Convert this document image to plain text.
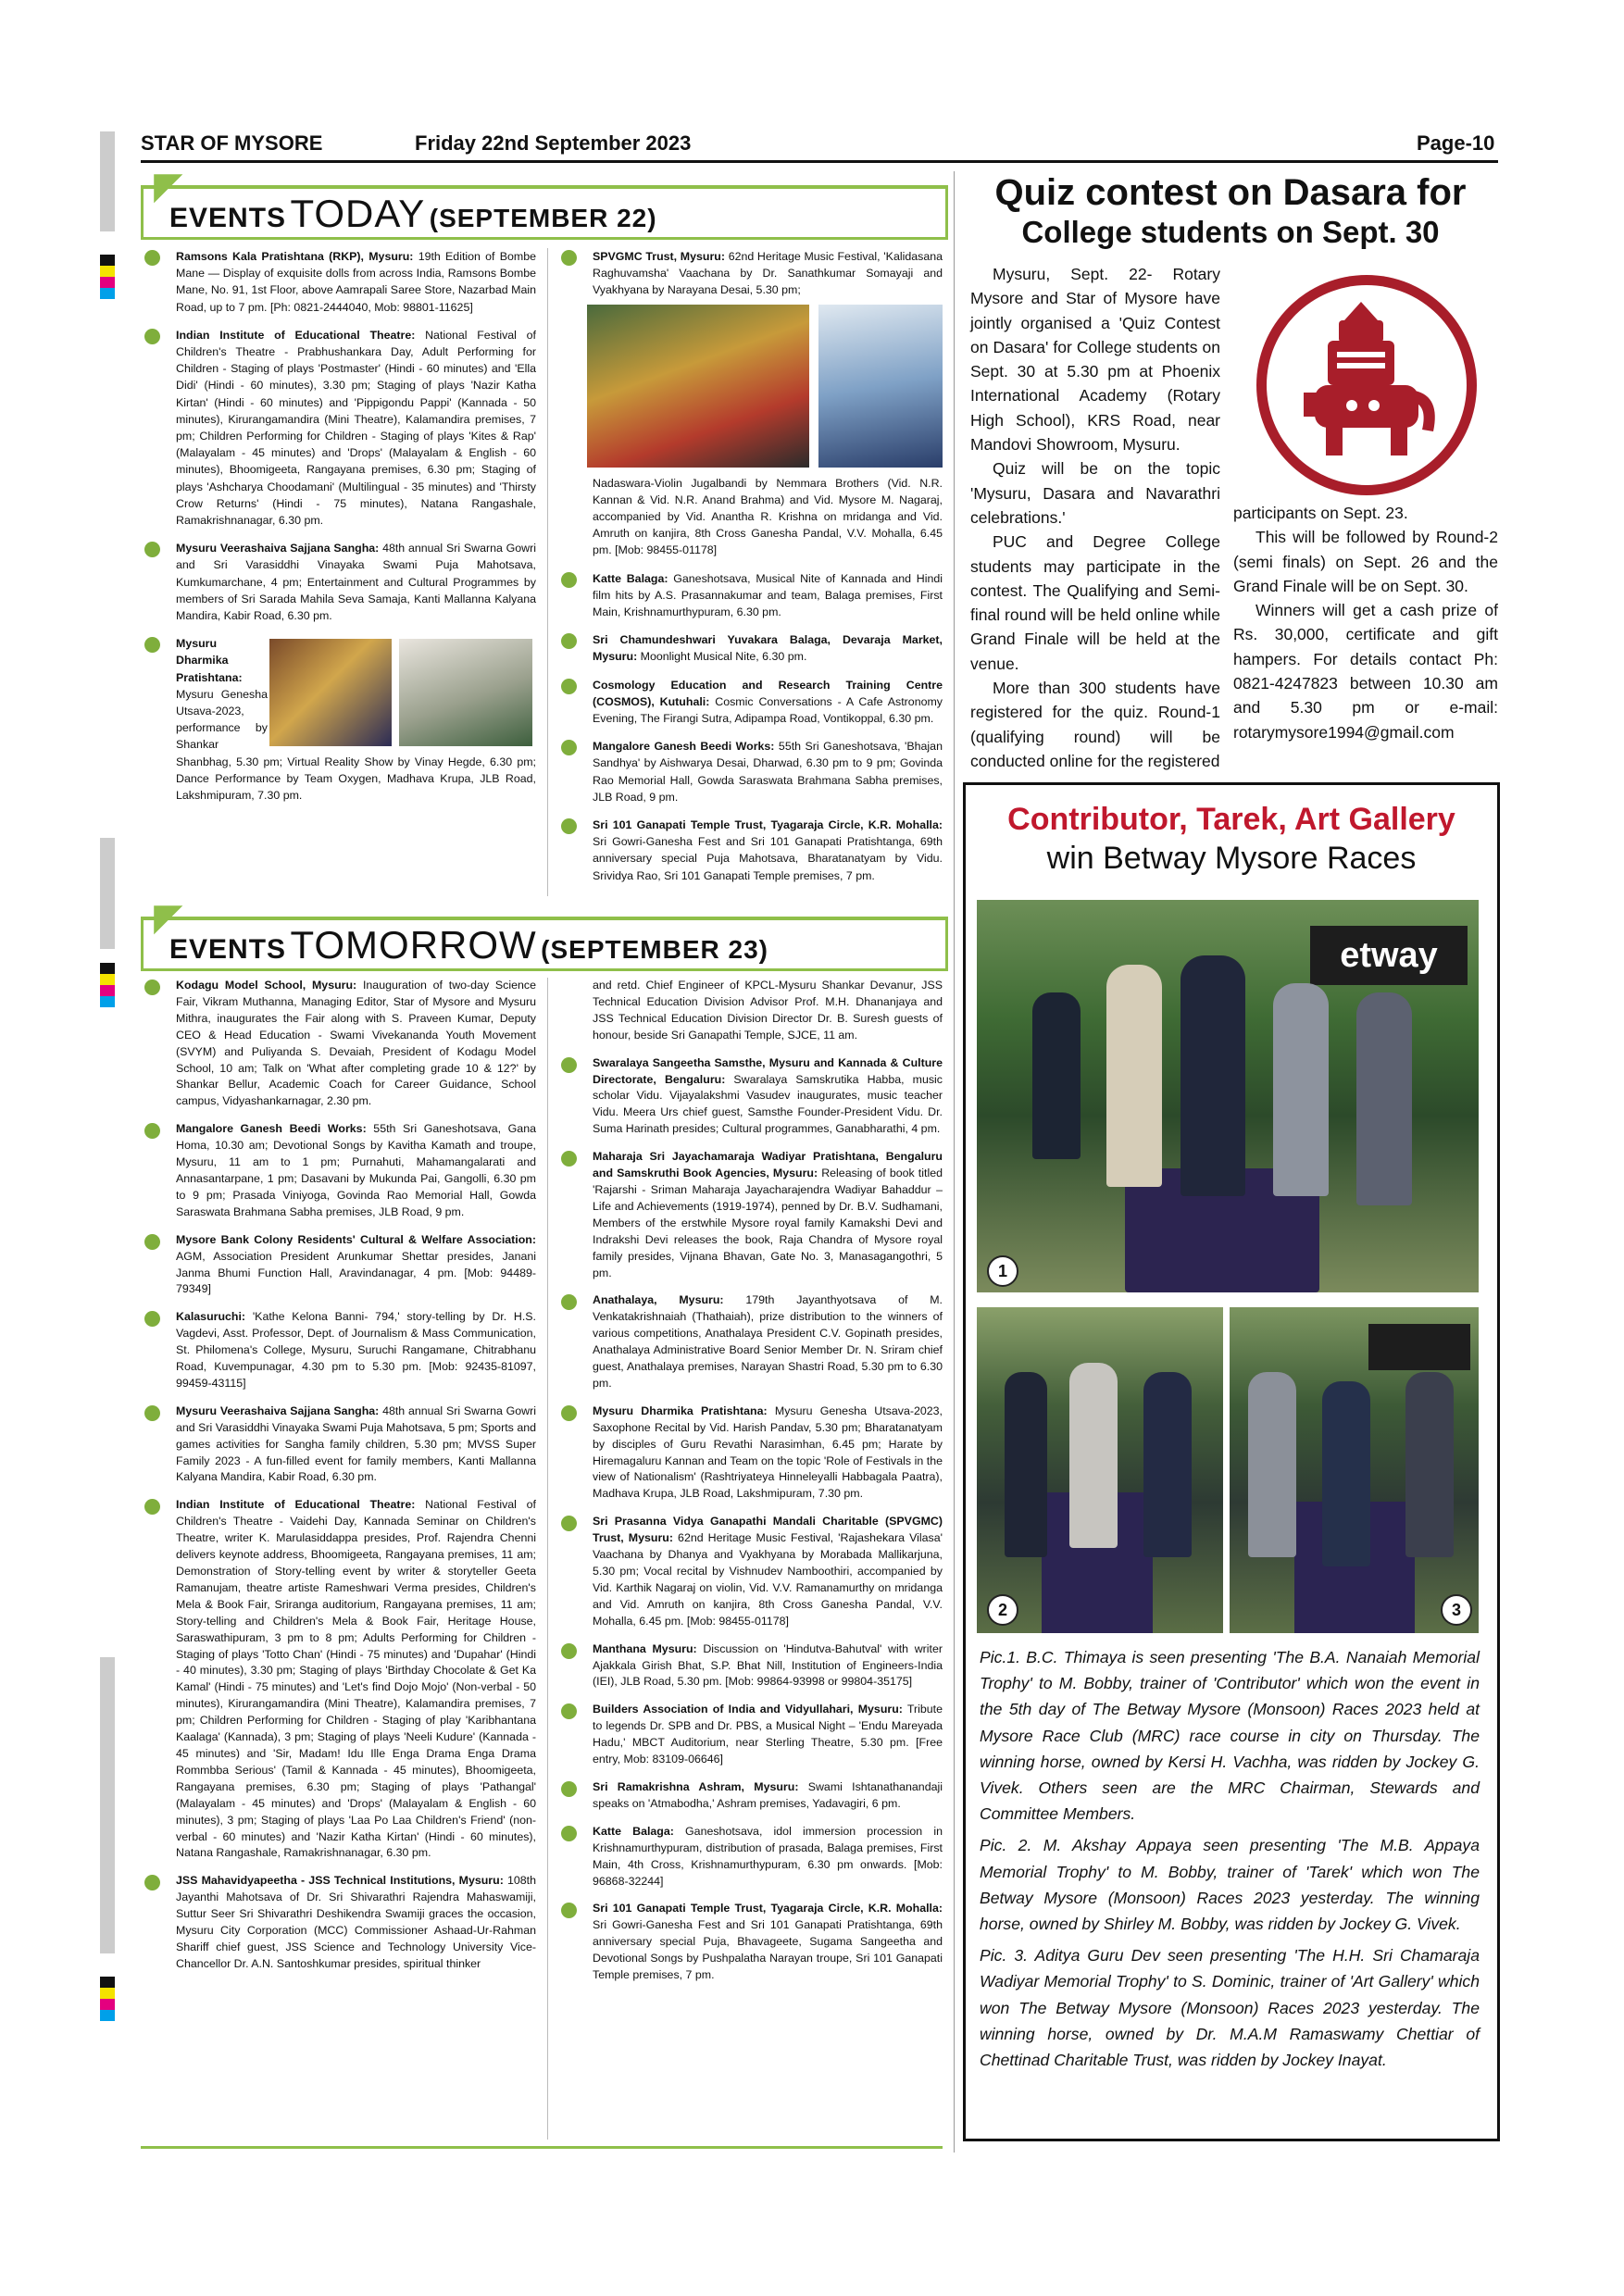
STAR OF MYSORE	Friday 22nd September 2023	Page-10
EVENTS TODAY (SEPTEMBER 22)
Ramsons Kala Pratishtana (RKP), Mysuru: 19th Edition of Bombe Mane — Display of exquisite dolls from across India, Ramsons Bombe Mane, No. 91, 1st Floor, above Aamrapali Saree Store, Nazarbad Main Road, up to 7 pm. [Ph: 0821-2444040, Mob: 98801-11625]
Indian Institute of Educational Theatre: National Festival of Children's Theatre - Prabhushankara Day, Adult Performing for Children - Staging of plays 'Postmaster' (Hindi - 60 minutes) and 'Ella Didi' (Hindi - 60 minutes), 3.30 pm; Staging of plays 'Nazir Katha Kirtan' (Hindi - 60 minutes) and 'Pippigondu Pappi' (Kannada - 50 minutes), Kirurangamandira (Mini Theatre), Kalamandira premises, 7 pm; Children Performing for Children - Staging of plays 'Kites & Rap' (Malayalam - 45 minutes) and 'Drops' (Malayalam & English - 60 minutes), Bhoomigeeta, Rangayana premises, 6.30 pm; Staging of plays 'Ashcharya Choodamani' (Multilingual - 35 minutes) and 'Thirsty Crow Returns' (Hindi - 75 minutes), Natana Rangashale, Ramakrishnanagar, 6.30 pm.
Mysuru Veerashaiva Sajjana Sangha: 48th annual Sri Swarna Gowri and Sri Varasiddhi Vinayaka Swami Puja Mahotsava, Kumkumarchane, 4 pm; Entertainment and Cultural Programmes by members of Sri Sarada Mahila Seva Samaja, Kanti Mallanna Kalyana Mandira, Kabir Road, 6.30 pm.
Mysuru Dharmika Pratishtana: Mysuru Genesha Utsava-2023, performance by Shankar Shanbhag, 5.30 pm; Virtual Reality Show by Vinay Hegde, 6.30 pm; Dance Performance by Team Oxygen, Madhava Krupa, JLB Road, Lakshmipuram, 7.30 pm.
SPVGMC Trust, Mysuru: 62nd Heritage Music Festival, 'Kalidasana Raghuvamsha' Vaachana by Dr. Sanathkumar Somayaji and Vyakhyana by Narayana Desai, 5.30 pm;
Nadaswara-Violin Jugalbandi by Nemmara Brothers (Vid. N.R. Kannan & Vid. N.R. Anand Brahma) and Vid. Mysore M. Nagaraj, accompanied by Vid. Anantha R. Krishna on mridanga and Vid. Amruth on kanjira, 8th Cross Ganesha Pandal, V.V. Mohalla, 6.45 pm. [Mob: 98455-01178]
Katte Balaga: Ganeshotsava, Musical Nite of Kannada and Hindi film hits by A.S. Prasannakumar and team, Balaga premises, First Main, Krishnamurthypuram, 6.30 pm.
Sri Chamundeshwari Yuvakara Balaga, Devaraja Market, Mysuru: Moonlight Musical Nite, 6.30 pm.
Cosmology Education and Research Training Centre (COSMOS), Kutuhali: Cosmic Conversations - A Cafe Astronomy Evening, The Firangi Sutra, Adipampa Road, Vontikoppal, 6.30 pm.
Mangalore Ganesh Beedi Works: 55th Sri Ganeshotsava, 'Bhajan Sandhya' by Aishwarya Desai, Dharwad, 6.30 pm to 9 pm; Govinda Rao Memorial Hall, Gowda Saraswata Brahmana Sabha premises, JLB Road, 9 pm.
Sri 101 Ganapati Temple Trust, Tyagaraja Circle, K.R. Mohalla: Sri Gowri-Ganesha Fest and Sri 101 Ganapati Pratishtanga, 69th anniversary special Puja Mahotsava, Bharatanatyam by Vidu. Srividya Rao, Sri 101 Ganapati Temple premises, 7 pm.
EVENTS TOMORROW (SEPTEMBER 23)
Kodagu Model School, Mysuru: Inauguration of two-day Science Fair, Vikram Muthanna, Managing Editor, Star of Mysore and Mysuru Mithra, inaugurates the Fair along with S. Praveen Kumar, Deputy CEO & Head Education - Swami Vivekananda Youth Movement (SVYM) and Puliyanda S. Devaiah, President of Kodagu Model School, 10 am; Talk on 'What after completing grade 10 & 12?' by Shankar Bellur, Academic Coach for Career Guidance, School campus, Vidyashankarnagar, 2.30 pm.
Mangalore Ganesh Beedi Works: 55th Sri Ganeshotsava, Gana Homa, 10.30 am; Devotional Songs by Kavitha Kamath and troupe, Mysuru, 11 am to 1 pm; Purnahuti, Mahamangalarati and Annasantarpane, 1 pm; Dasavani by Mukunda Pai, Gangolli, 6.30 pm to 9 pm; Prasada Viniyoga, Govinda Rao Memorial Hall, Gowda Saraswata Brahmana Sabha premises, JLB Road, 9 pm.
Mysore Bank Colony Residents' Cultural & Welfare Association: AGM, Association President Arunkumar Shettar presides, Janani Janma Bhumi Function Hall, Aravindanagar, 4 pm. [Mob: 94489-79349]
Kalasuruchi: 'Kathe Kelona Banni- 794,' story-telling by Dr. H.S. Vagdevi, Asst. Professor, Dept. of Journalism & Mass Communication, St. Philomena's College, Mysuru, Suruchi Rangamane, Chitrabhanu Road, Kuvempunagar, 4.30 pm to 5.30 pm. [Mob: 92435-81097, 99459-43115]
Mysuru Veerashaiva Sajjana Sangha: 48th annual Sri Swarna Gowri and Sri Varasiddhi Vinayaka Swami Puja Mahotsava, 5 pm; Sports and games activities for Sangha family children, 5.30 pm; MVSS Super Family 2023 - A fun-filled event for family members, Kanti Mallanna Kalyana Mandira, Kabir Road, 6.30 pm.
Indian Institute of Educational Theatre: National Festival of Children's Theatre - Vaidehi Day, Kannada Seminar on Children's Theatre, writer K. Marulasiddappa presides, Prof. Rajendra Chenni delivers keynote address, Bhoomigeeta, Rangayana premises, 11 am; Demonstration of Story-telling event by writer & storyteller Geeta Ramanujam, theatre artiste Rameshwari Verma presides, Children's Mela & Book Fair, Sriranga auditorium, Rangayana premises, 11 am; Story-telling and Children's Mela & Book Fair, Heritage House, Saraswathipuram, 3 pm to 8 pm; Adults Performing for Children - Staging of plays 'Totto Chan' (Hindi - 75 minutes) and 'Dupahar' (Hindi - 40 minutes), 3.30 pm; Staging of plays 'Birthday Chocolate & Get Ka Kamal' (Hindi - 75 minutes) and 'Let's find Dojo Mojo' (Non-verbal - 50 minutes), Kirurangamandira (Mini Theatre), Kalamandira premises, 7 pm; Children Performing for Children - Staging of play 'Karibhantana Kaalaga' (Kannada), 3 pm; Staging of plays 'Neeli Kudure' (Kannada - 45 minutes) and 'Sir, Madam! Idu Ille Enga Drama Enga Drama Rommbba Serious' (Tamil & Kannada - 45 minutes), Bhoomigeeta, Rangayana premises, 6.30 pm; Staging of plays 'Pathangal' (Malayalam - 45 minutes) and 'Drops' (Malayalam & English - 60 minutes), 3 pm; Staging of plays 'Laa Po Laa Children's Friend' (non- verbal - 60 minutes) and 'Nazir Katha Kirtan' (Hindi - 60 minutes), Natana Rangashale, Ramakrishnanagar, 6.30 pm.
JSS Mahavidyapeetha - JSS Technical Institutions, Mysuru: 108th Jayanthi Mahotsava of Dr. Sri Shivarathri Rajendra Mahaswamiji, Suttur Seer Sri Shivarathri Deshikendra Swamiji graces the occasion, Mysuru City Corporation (MCC) Commissioner Ashaad-Ur-Rahman Shariff chief guest, JSS Science and Technology University Vice-Chancellor Dr. A.N. Santoshkumar presides, spiritual thinker
and retd. Chief Engineer of KPCL-Mysuru Shankar Devanur, JSS Technical Education Division Advisor Prof. M.H. Dhananjaya and JSS Technical Education Division Director Dr. B. Suresh guests of honour, beside Sri Ganapathi Temple, SJCE, 11 am.
Swaralaya Sangeetha Samsthe, Mysuru and Kannada & Culture Directorate, Bengaluru: Swaralaya Samskrutika Habba, music scholar Vidu. Vijayalakshmi Vasudev inaugurates, music teacher Vidu. Meera Urs chief guest, Samsthe Founder-President Vidu. Dr. Suma Harinath presides; Cultural programmes, Ganabharathi, 4 pm.
Maharaja Sri Jayachamaraja Wadiyar Pratishtana, Bengaluru and Samskruthi Book Agencies, Mysuru: Releasing of book titled 'Rajarshi - Sriman Maharaja Jayacharajendra Wadiyar Bahaddur – Life and Achievements (1919-1974), penned by Dr. B.V. Sudhamani, Members of the erstwhile Mysore royal family Kamakshi Devi and Indrakshi Devi releases the book, Raja Chandra of Mysore royal family presides, Vijnana Bhavan, Gate No. 3, Manasagangothri, 5 pm.
Anathalaya, Mysuru: 179th Jayanthyotsava of M. Venkatakrishnaiah (Thathaiah), prize distribution to the winners of various competitions, Anathalaya President C.V. Gopinath presides, Anathalaya Administrative Board Senior Member Dr. N. Sriram chief guest, Anathalaya premises, Narayan Shastri Road, 5.30 pm to 6.30 pm.
Mysuru Dharmika Pratishtana: Mysuru Genesha Utsava-2023, Saxophone Recital by Vid. Harish Pandav, 5.30 pm; Bharatanatyam by disciples of Guru Revathi Narasimhan, 6.45 pm; Harate by Hiremagaluru Kannan and Team on the topic 'Role of Festivals in the view of Nationalism' (Rashtriyateya Hinneleyalli Habbagala Paatra), Madhava Krupa, JLB Road, Lakshmipuram, 7.30 pm.
Sri Prasanna Vidya Ganapathi Mandali Charitable (SPVGMC) Trust, Mysuru: 62nd Heritage Music Festival, 'Rajashekara Vilasa' Vaachana by Dhanya and Vyakhyana by Morabada Mallikarjuna, 5.30 pm; Vocal recital by Vishnudev Namboothiri, accompanied by Vid. Karthik Nagaraj on violin, Vid. V.V. Ramanamurthy on mridanga and Vid. Amruth on kanjira, 8th Cross Ganesha Pandal, V.V. Mohalla, 6.45 pm. [Mob: 98455-01178]
Manthana Mysuru: Discussion on 'Hindutva-Bahutval' with writer Ajakkala Girish Bhat, S.P. Bhat Nill, Institution of Engineers-India (IEI), JLB Road, 5.30 pm. [Mob: 99864-93998 or 99804-35175]
Builders Association of India and Vidyullahari, Mysuru: Tribute to legends Dr. SPB and Dr. PBS, a Musical Night – 'Endu Mareyada Hadu,' MBCT Auditorium, near Sterling Theatre, 5.30 pm. [Free entry, Mob: 83109-06646]
Sri Ramakrishna Ashram, Mysuru: Swami Ishtanathanandaji speaks on 'Atmabodha,' Ashram premises, Yadavagiri, 6 pm.
Katte Balaga: Ganeshotsava, idol immersion procession in Krishnamurthypuram, distribution of prasada, Balaga premises, First Main, 4th Cross, Krishnamurthypuram, 6.30 pm onwards. [Mob: 96868-32244]
Sri 101 Ganapati Temple Trust, Tyagaraja Circle, K.R. Mohalla: Sri Gowri-Ganesha Fest and Sri 101 Ganapati Pratishtanga, 69th anniversary special Puja, Bhavageete, Sugama Sangeetha and Devotional Songs by Pushpalatha Narayan troupe, Sri 101 Ganapati Temple premises, 7 pm.
Quiz contest on Dasara for
College students on Sept. 30

Mysuru, Sept. 22- Rotary Mysore and Star of Mysore have jointly organised a 'Quiz Contest on Dasara' for College students on Sept. 30 at 5.30 pm at Phoenix International Academy (Rotary High School), KRS Road, near Mandovi Showroom, Mysuru.

Quiz will be on the topic 'Mysuru, Dasara and Navarathri celebrations.'

PUC and Degree College students may participate in the contest. The Qualifying and Semi-final round will be held online while Grand Finale will be held at the venue.

More than 300 students have registered for the quiz. Round-1 (qualifying round) will be conducted online for the registered

participants on Sept. 23.

This will be followed by Round-2 (semi finals) on Sept. 26 and the Grand Finale will be on Sept. 30.

Winners will get a cash prize of Rs. 30,000, certificate and gift hampers. For details contact Ph: 0821-4247823 between 10.30 am and 5.30 pm or e-mail: rotarymysore1994@gmail.com

Contributor, Tarek, Art Gallery
win Betway Mysore Races
etway
1
2	3

Pic.1. B.C. Thimaya is seen presenting 'The B.A. Nanaiah Memorial Trophy' to M. Bobby, trainer of 'Contributor' which won the event in the 5th day of The Betway Mysore (Monsoon) Races 2023 held at Mysore Race Club (MRC) race course in city on Thursday. The winning horse, owned by Kersi H. Vachha, was ridden by Jockey G. Vivek. Others seen are the MRC Chairman, Stewards and Committee Members.

Pic. 2. M. Akshay Appaya seen presenting 'The M.B. Appaya Memorial Trophy' to M. Bobby, trainer of 'Tarek' which won The Betway Mysore (Monsoon) Races 2023 yesterday. The winning horse, owned by Shirley M. Bobby, was ridden by Jockey G. Vivek.

Pic. 3. Aditya Guru Dev seen presenting 'The H.H. Sri Chamaraja Wadiyar Memorial Trophy' to S. Dominic, trainer of 'Art Gallery' which won The Betway Mysore (Monsoon) Races 2023 yesterday. The winning horse, owned by Dr. M.A.M Ramaswamy Chettiar of Chettinad Charitable Trust, was ridden by Jockey Inayat.
